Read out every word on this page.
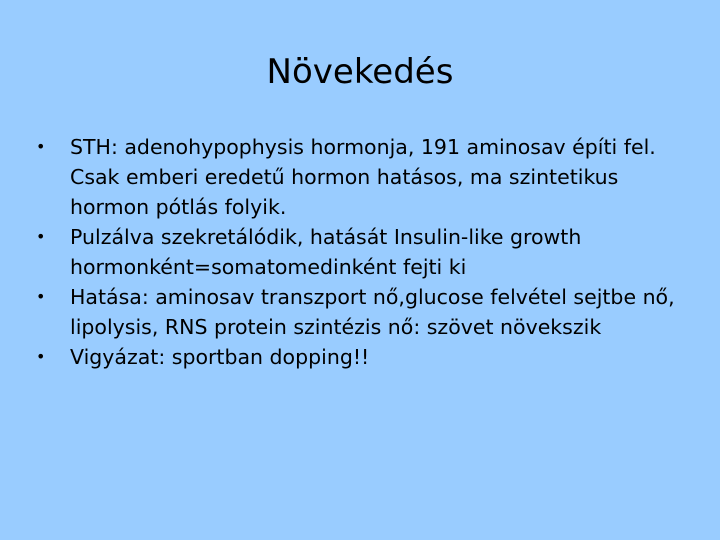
Növekedés
•	STH: adenohypophysis hormonja, 191 aminosav építi fel. Csak emberi eredetű hormon hatásos, ma szintetikus hormon pótlás folyik.
•	Pulzálva szekretálódik, hatását Insulin-like growth hormonként=somatomedinként fejti ki
•	Hatása: aminosav transzport nő,glucose felvétel sejtbe nő, lipolysis, RNS protein szintézis nő: szövet növekszik
•	Vigyázat: sportban dopping!!
